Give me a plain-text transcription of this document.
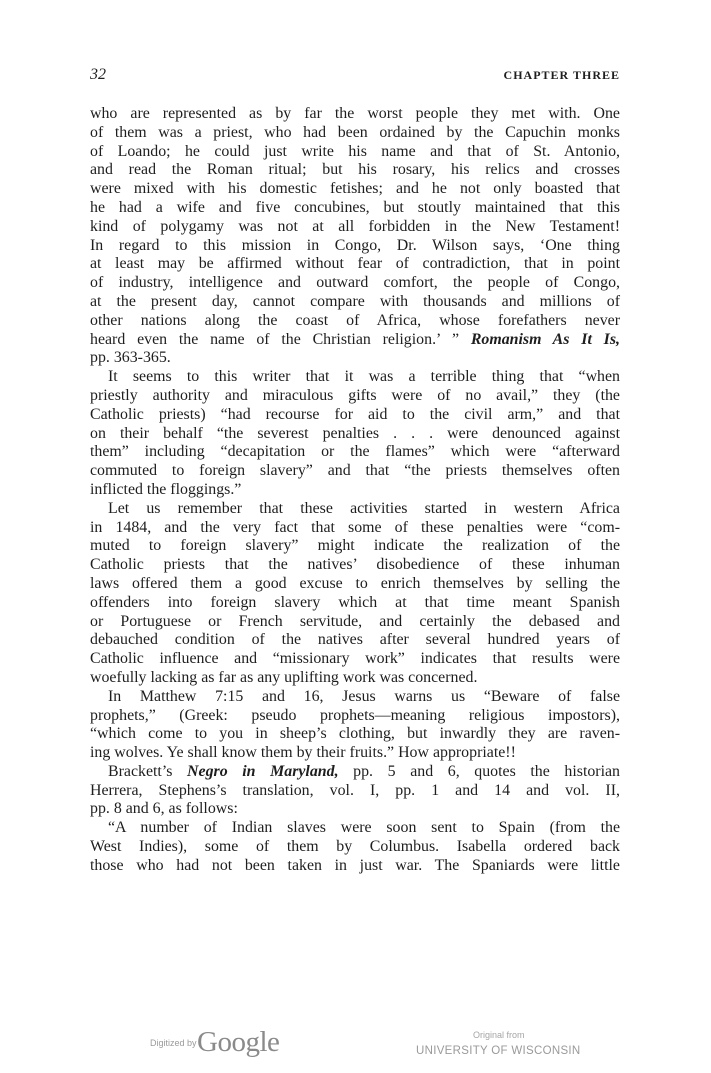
32	CHAPTER THREE

who are represented as by far the worst people they met with. One
of them was a priest, who had been ordained by the Capuchin monks
of Loando; he could just write his name and that of St. Antonio,
and read the Roman ritual; but his rosary, his relics and crosses
were mixed with his domestic fetishes; and he not only boasted that
he had a wife and five concubines, but stoutly maintained that this
kind of polygamy was not at all forbidden in the New Testament!
In regard to this mission in Congo, Dr. Wilson says, ‘One thing
at least may be affirmed without fear of contradiction, that in point
of industry, intelligence and outward comfort, the people of Congo,
at the present day, cannot compare with thousands and millions of
other nations along the coast of Africa, whose forefathers never
heard even the name of the Christian religion.’ ” Romanism As It Is,
pp. 363-365.

It seems to this writer that it was a terrible thing that “when
priestly authority and miraculous gifts were of no avail,” they (the
Catholic priests) “had recourse for aid to the civil arm,” and that
on their behalf “the severest penalties . . . were denounced against
them” including “decapitation or the flames” which were “afterward
commuted to foreign slavery” and that “the priests themselves often
inflicted the floggings.”

Let us remember that these activities started in western Africa
in 1484, and the very fact that some of these penalties were “com-
muted to foreign slavery” might indicate the realization of the
Catholic priests that the natives’ disobedience of these inhuman
laws offered them a good excuse to enrich themselves by selling the
offenders into foreign slavery which at that time meant Spanish
or Portuguese or French servitude, and certainly the debased and
debauched condition of the natives after several hundred years of
Catholic influence and “missionary work” indicates that results were
woefully lacking as far as any uplifting work was concerned.

In Matthew 7:15 and 16, Jesus warns us “Beware of false
prophets,” (Greek: pseudo prophets—meaning religious impostors),
“which come to you in sheep’s clothing, but inwardly they are raven-
ing wolves. Ye shall know them by their fruits.” How appropriate!!

Brackett’s Negro in Maryland, pp. 5 and 6, quotes the historian
Herrera, Stephens’s translation, vol. I, pp. 1 and 14 and vol. II,
pp. 8 and 6, as follows:

“A number of Indian slaves were soon sent to Spain (from the
West Indies), some of them by Columbus. Isabella ordered back
those who had not been taken in just war. The Spaniards were little

Digitized by Google	Original from
UNIVERSITY OF WISCONSIN
